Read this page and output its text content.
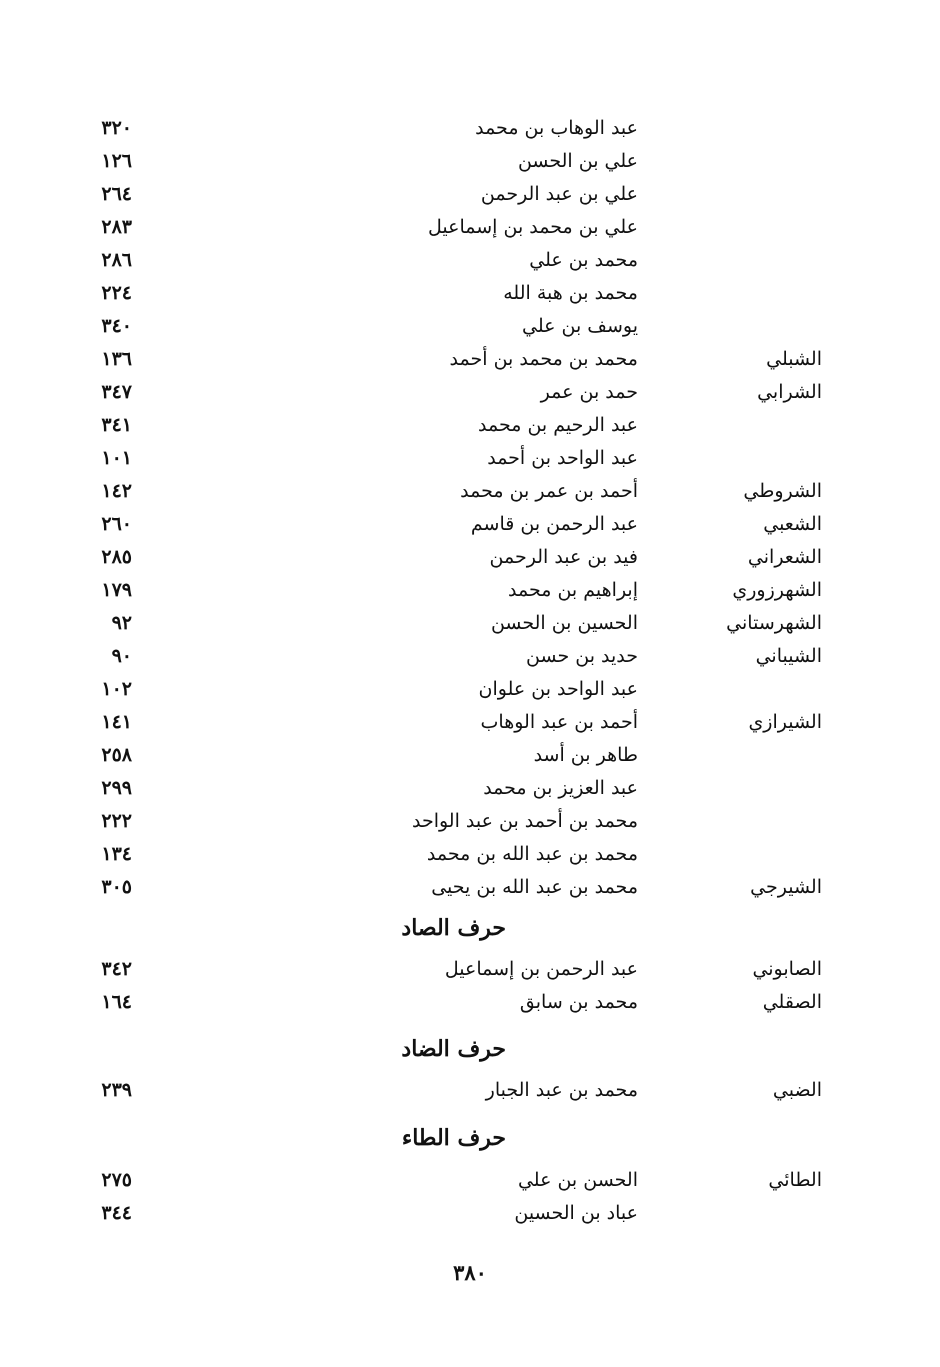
عبد الوهاب بن محمد
٣٢٠
علي بن الحسن
١٢٦
علي بن عبد الرحمن
٢٦٤
علي بن محمد بن إسماعيل
٢٨٣
محمد بن علي
٢٨٦
محمد بن هبة الله
٢٢٤
يوسف بن علي
٣٤٠
الشبلي
محمد بن محمد بن أحمد
١٣٦
الشرابي
حمد بن عمر
٣٤٧
عبد الرحيم بن محمد
٣٤١
عبد الواحد بن أحمد
١٠١
الشروطي
أحمد بن عمر بن محمد
١٤٢
الشعبي
عبد الرحمن بن قاسم
٢٦٠
الشعراني
فيد بن عبد الرحمن
٢٨٥
الشهرزوري
إبراهيم بن محمد
١٧٩
الشهرستاني
الحسين بن الحسن
٩٢
الشيباني
حديد بن حسن
٩٠
عبد الواحد بن علوان
١٠٢
الشيرازي
أحمد بن عبد الوهاب
١٤١
طاهر بن أسد
٢٥٨
عبد العزيز بن محمد
٢٩٩
محمد بن أحمد بن عبد الواحد
٢٢٢
محمد بن عبد الله بن محمد
١٣٤
الشيرجي
محمد بن عبد الله بن يحيى
٣٠٥
حرف الصاد
الصابوني
عبد الرحمن بن إسماعيل
٣٤٢
الصقلي
محمد بن سابق
١٦٤
حرف الضاد
الضبي
محمد بن عبد الجبار
٢٣٩
حرف الطاء
الطائي
الحسن بن علي
٢٧٥
عباد بن الحسين
٣٤٤
٣٨٠
